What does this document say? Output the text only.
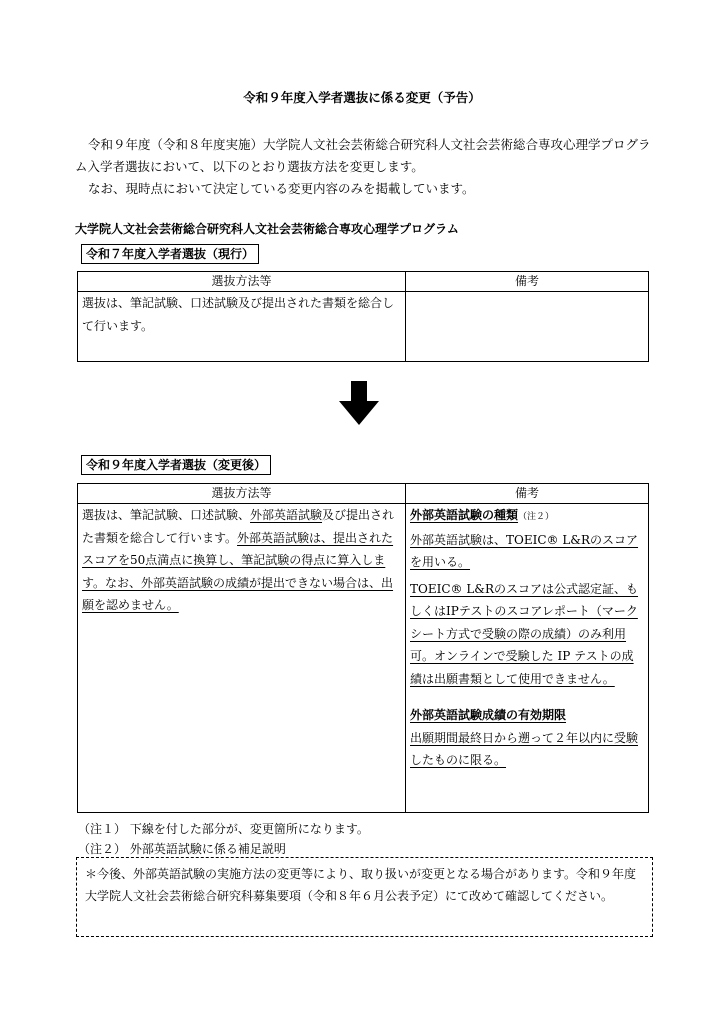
令和９年度入学者選抜に係る変更（予告）
令和９年度（令和８年度実施）大学院人文社会芸術総合研究科人文社会芸術総合専攻心理学プログラム入学者選抜において、以下のとおり選抜方法を変更します。
なお、現時点において決定している変更内容のみを掲載しています。
大学院人文社会芸術総合研究科人文社会芸術総合専攻心理学プログラム
令和７年度入学者選抜（現行）
選抜方法等	備考
選抜は、筆記試験、口述試験及び提出された書類を総合して行います。	
令和９年度入学者選抜（変更後）
選抜方法等	備考
選抜は、筆記試験、口述試験、外部英語試験及び提出された書類を総合して行います。外部英語試験は、提出されたスコアを50点満点に換算し、筆記試験の得点に算入します。なお、外部英語試験の成績が提出できない場合は、出願を認めません。	外部英語試験の種類（注２）
外部英語試験は、TOEIC® L&Rのスコアを用いる。
TOEIC® L&Rのスコアは公式認定証、もしくはIPテストのスコアレポート（マークシート方式で受験の際の成績）のみ利用可。オンラインで受験した IP テストの成績は出願書類として使用できません。
外部英語試験成績の有効期限
出願期間最終日から遡って２年以内に受験したものに限る。
（注１） 下線を付した部分が、変更箇所になります。
（注２） 外部英語試験に係る補足説明
＊今後、外部英語試験の実施方法の変更等により、取り扱いが変更となる場合があります。令和９年度大学院人文社会芸術総合研究科募集要項（令和８年６月公表予定）にて改めて確認してください。
